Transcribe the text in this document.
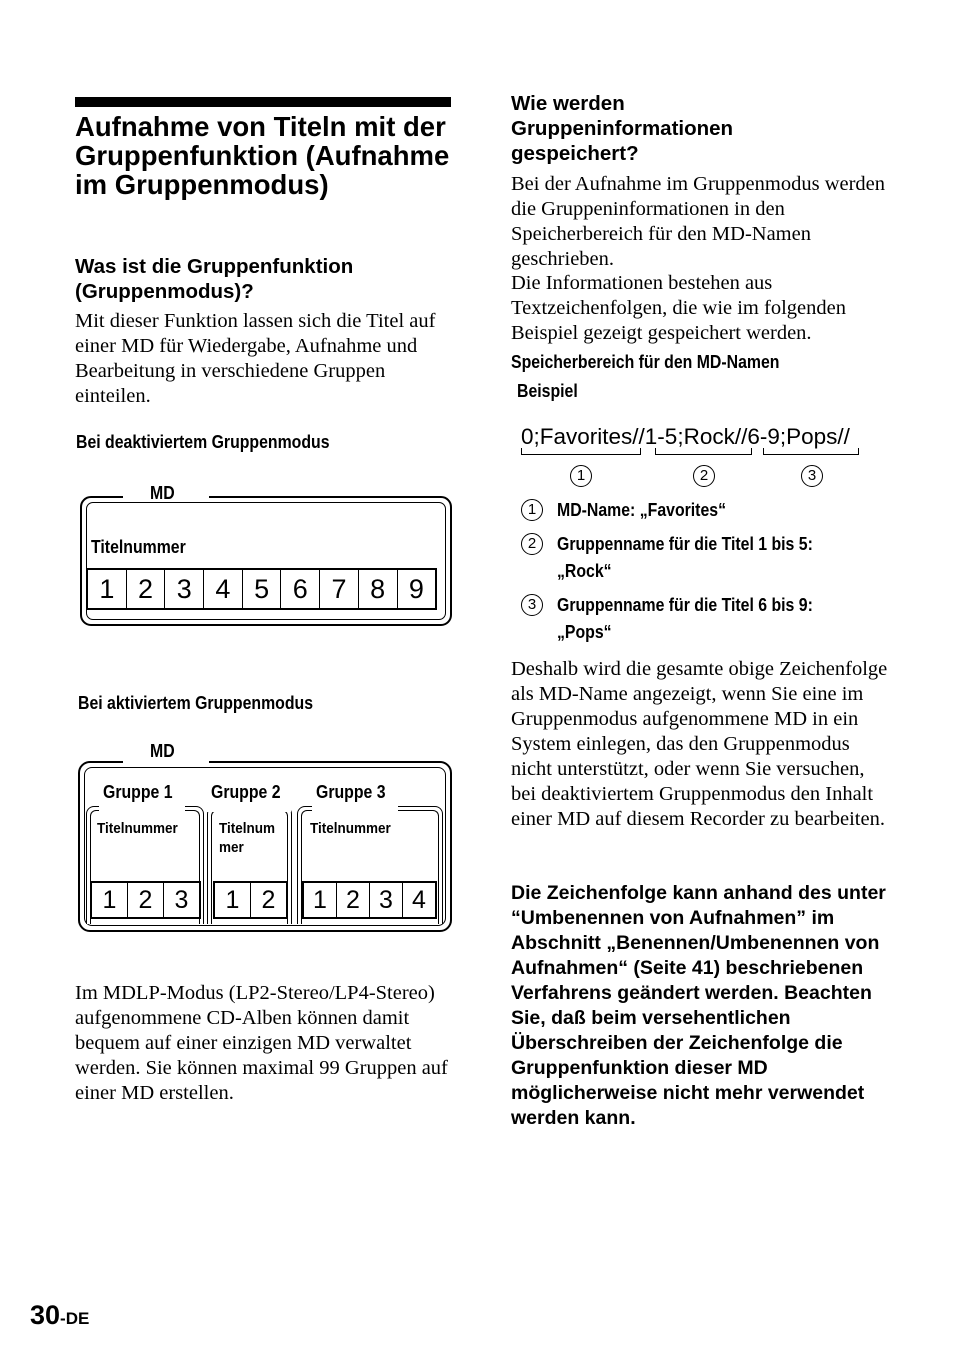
Aufnahme von Titeln mit der Gruppenfunktion (Aufnahme im Gruppenmodus)
Was ist die Gruppenfunktion (Gruppenmodus)?

Mit dieser Funktion lassen sich die Titel auf einer MD für Wiedergabe, Aufnahme und Bearbeitung in verschiedene Gruppen einteilen.

Bei deaktiviertem Gruppenmodus
MD
Titelnummer
1 2 3 4 5 6 7 8 9
Bei aktiviertem Gruppenmodus
MD
Gruppe 1
Titelnummer
1 2 3
Gruppe 2
Titelnum
mer
1 2
Gruppe 3
Titelnummer
1 2 3 4

Im MDLP-Modus (LP2-Stereo/LP4-Stereo) aufgenommene CD-Alben können damit bequem auf einer einzigen MD verwaltet werden. Sie können maximal 99 Gruppen auf einer MD erstellen.

Wie werden Gruppeninformationen gespeichert?

Bei der Aufnahme im Gruppenmodus werden die Gruppeninformationen in den Speicherbereich für den MD-Namen geschrieben.

Die Informationen bestehen aus Textzeichenfolgen, die wie im folgenden Beispiel gezeigt gespeichert werden.

Speicherbereich für den MD-Namen
Beispiel
0;Favorites//1-5;Rock//6-9;Pops//
1	2	3
1	MD-Name: „Favorites“
2	Gruppenname für die Titel 1 bis 5:
„Rock“
3	Gruppenname für die Titel 6 bis 9:
„Pops“

Deshalb wird die gesamte obige Zeichenfolge als MD-Name angezeigt, wenn Sie eine im Gruppenmodus aufgenommene MD in ein System einlegen, das den Gruppenmodus nicht unterstützt, oder wenn Sie versuchen, bei deaktiviertem Gruppenmodus den Inhalt einer MD auf diesem Recorder zu bearbeiten.

Die Zeichenfolge kann anhand des unter “Umbenennen von Aufnahmen” im Abschnitt „Benennen/Umbenennen von Aufnahmen“ (Seite 41) beschriebenen Verfahrens geändert werden. Beachten Sie, daß beim versehentlichen Überschreiben der Zeichenfolge die Gruppenfunktion dieser MD möglicherweise nicht mehr verwendet werden kann.

30-DE
